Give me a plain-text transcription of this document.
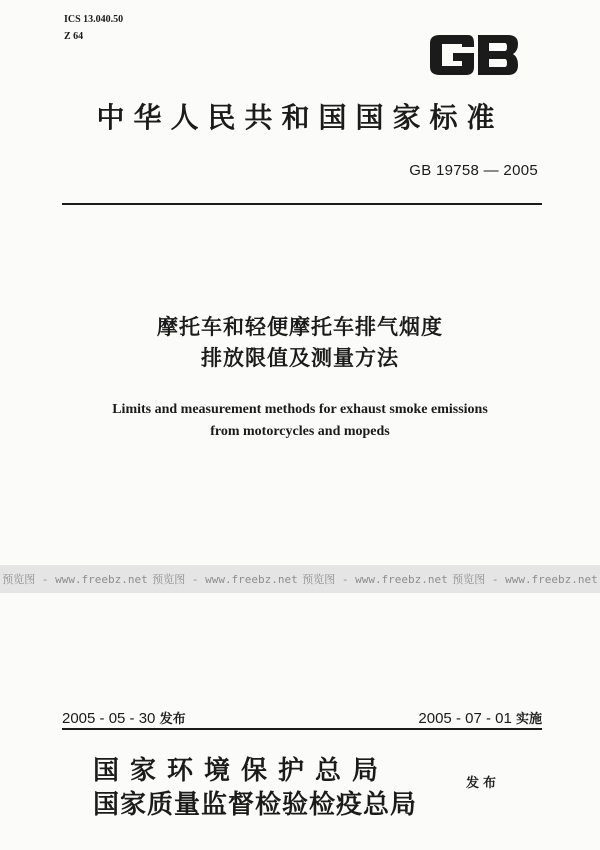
ICS 13.040.50
Z 64
中华人民共和国国家标准
GB 19758 — 2005
摩托车和轻便摩托车排气烟度
排放限值及测量方法
Limits and measurement methods for exhaust smoke emissions
from motorcycles and mopeds
预览图 - www.freebz.net 预览图 - www.freebz.net 预览图 - www.freebz.net 预览图 - www.freebz.net
2005 - 05 - 30 发布	2005 - 07 - 01 实施
国家环境保护总局
国家质量监督检验检疫总局
发布
